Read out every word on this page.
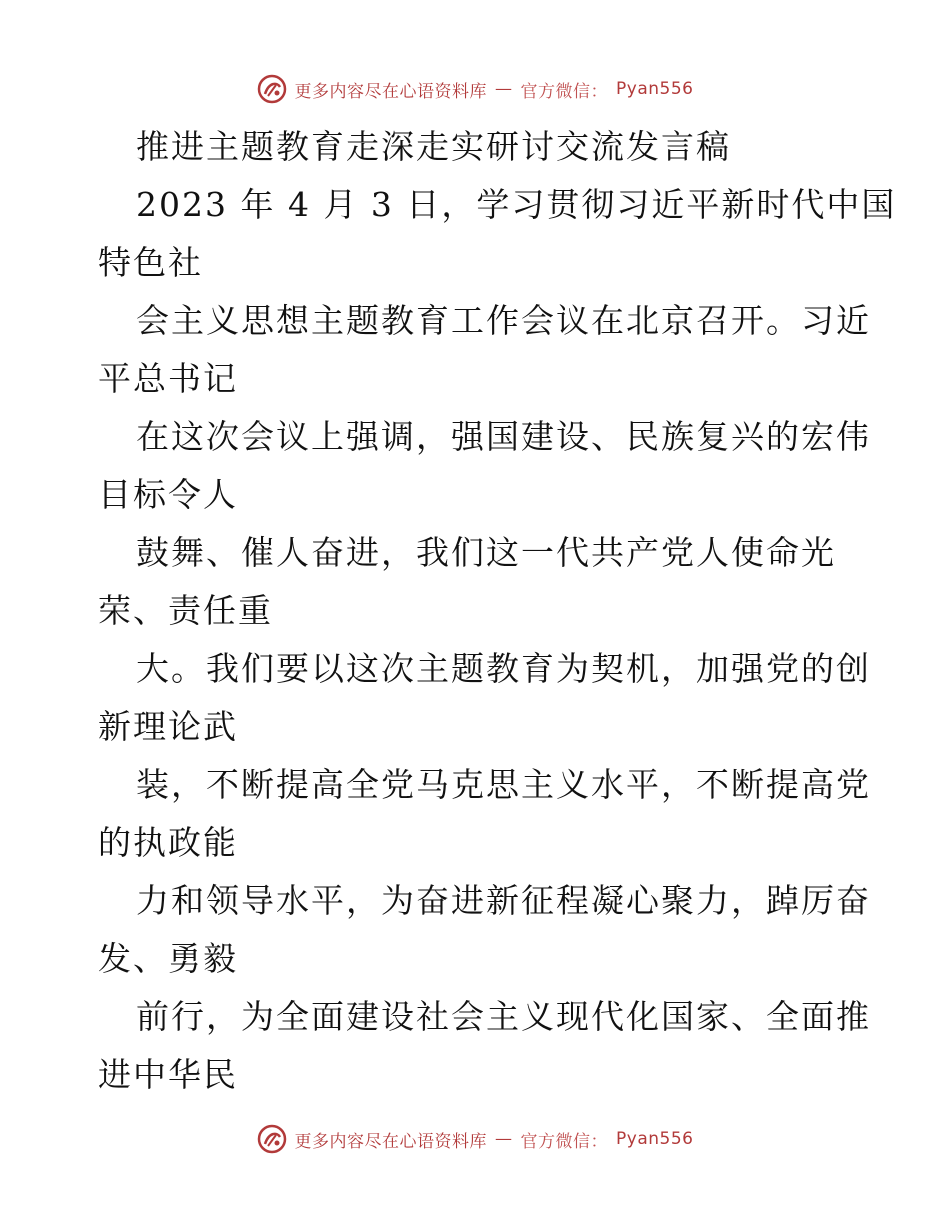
更多内容尽在心语资料库 — 官方微信： Pyan556
推进主题教育走深走实研讨交流发言稿
2023 年 4 月 3 日，学习贯彻习近平新时代中国
特色社
会主义思想主题教育工作会议在北京召开。习近
平总书记
在这次会议上强调，强国建设、民族复兴的宏伟
目标令人
鼓舞、催人奋进，我们这一代共产党人使命光
荣、责任重
大。我们要以这次主题教育为契机，加强党的创
新理论武
装，不断提高全党马克思主义水平，不断提高党
的执政能
力和领导水平，为奋进新征程凝心聚力，踔厉奋
发、勇毅
前行，为全面建设社会主义现代化国家、全面推
进中华民
更多内容尽在心语资料库 — 官方微信： Pyan556
